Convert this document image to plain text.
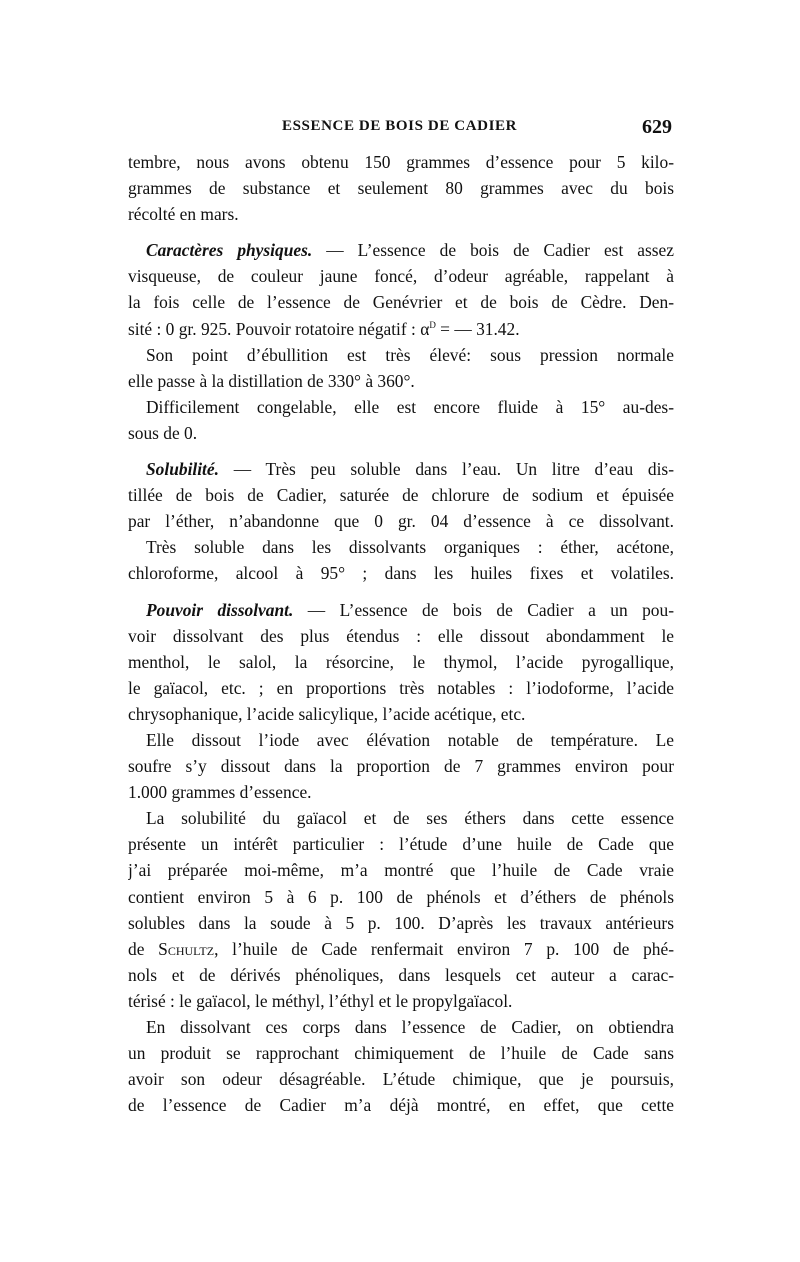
ESSENCE DE BOIS DE CADIER	629
tembre, nous avons obtenu 150 grammes d’essence pour 5 kilo-
grammes de substance et seulement 80 grammes avec du bois
récolté en mars.
Caractères physiques. — L’essence de bois de Cadier est assez
visqueuse, de couleur jaune foncé, d’odeur agréable, rappelant à
la fois celle de l’essence de Genévrier et de bois de Cèdre. Den-
sité : 0 gr. 925. Pouvoir rotatoire négatif : $\alpha^D$ = — 31.42.
Son point d’ébullition est très élevé: sous pression normale
elle passe à la distillation de 330° à 360°.
Difficilement congelable, elle est encore fluide à 15° au-des-
sous de 0.
Solubilité. — Très peu soluble dans l’eau. Un litre d’eau dis-
tillée de bois de Cadier, saturée de chlorure de sodium et épuisée
par l’éther, n’abandonne que 0 gr. 04 d’essence à ce dissolvant.
Très soluble dans les dissolvants organiques : éther, acétone,
chloroforme, alcool à 95° ; dans les huiles fixes et volatiles.
Pouvoir dissolvant. — L’essence de bois de Cadier a un pou-
voir dissolvant des plus étendus : elle dissout abondamment le
menthol, le salol, la résorcine, le thymol, l’acide pyrogallique,
le gaïacol, etc. ; en proportions très notables : l’iodoforme, l’acide
chrysophanique, l’acide salicylique, l’acide acétique, etc.
Elle dissout l’iode avec élévation notable de température. Le
soufre s’y dissout dans la proportion de 7 grammes environ pour
1.000 grammes d’essence.
La solubilité du gaïacol et de ses éthers dans cette essence
présente un intérêt particulier : l’étude d’une huile de Cade que
j’ai préparée moi-même, m’a montré que l’huile de Cade vraie
contient environ 5 à 6 p. 100 de phénols et d’éthers de phénols
solubles dans la soude à 5 p. 100. D’après les travaux antérieurs
de Schultz, l’huile de Cade renfermait environ 7 p. 100 de phé-
nols et de dérivés phénoliques, dans lesquels cet auteur a carac-
térisé : le gaïacol, le méthyl, l’éthyl et le propylgaïacol.
En dissolvant ces corps dans l’essence de Cadier, on obtiendra
un produit se rapprochant chimiquement de l’huile de Cade sans
avoir son odeur désagréable. L’étude chimique, que je poursuis,
de l’essence de Cadier m’a déjà montré, en effet, que cette
